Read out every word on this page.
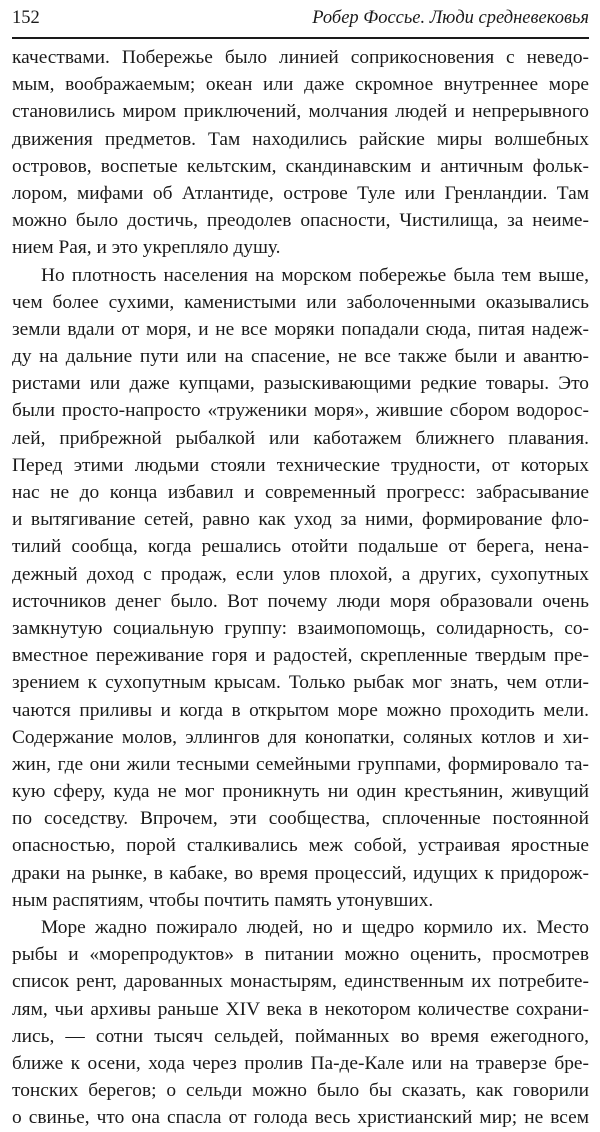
152	Робер Фоссье. Люди средневековья
качествами. Побережье было линией соприкосновения с неведо-
мым, воображаемым; океан или даже скромное внутреннее море
становились миром приключений, молчания людей и непрерывного
движения предметов. Там находились райские миры волшебных
островов, воспетые кельтским, скандинавским и античным фольк-
лором, мифами об Атлантиде, острове Туле или Гренландии. Там
можно было достичь, преодолев опасности, Чистилища, за неиме-
нием Рая, и это укрепляло душу.
Но плотность населения на морском побережье была тем выше,
чем более сухими, каменистыми или заболоченными оказывались
земли вдали от моря, и не все моряки попадали сюда, питая надеж-
ду на дальние пути или на спасение, не все также были и авантю-
ристами или даже купцами, разыскивающими редкие товары. Это
были просто-напросто «труженики моря», жившие сбором водорос-
лей, прибрежной рыбалкой или каботажем ближнего плавания.
Перед этими людьми стояли технические трудности, от которых
нас не до конца избавил и современный прогресс: забрасывание
и вытягивание сетей, равно как уход за ними, формирование фло-
тилий сообща, когда решались отойти подальше от берега, нена-
дежный доход с продаж, если улов плохой, а других, сухопутных
источников денег было. Вот почему люди моря образовали очень
замкнутую социальную группу: взаимопомощь, солидарность, со-
вместное переживание горя и радостей, скрепленные твердым пре-
зрением к сухопутным крысам. Только рыбак мог знать, чем отли-
чаются приливы и когда в открытом море можно проходить мели.
Содержание молов, эллингов для конопатки, соляных котлов и хи-
жин, где они жили тесными семейными группами, формировало та-
кую сферу, куда не мог проникнуть ни один крестьянин, живущий
по соседству. Впрочем, эти сообщества, сплоченные постоянной
опасностью, порой сталкивались меж собой, устраивая яростные
драки на рынке, в кабаке, во время процессий, идущих к придорож-
ным распятиям, чтобы почтить память утонувших.
Море жадно пожирало людей, но и щедро кормило их. Место
рыбы и «морепродуктов» в питании можно оценить, просмотрев
список рент, дарованных монастырям, единственным их потребите-
лям, чьи архивы раньше XIV века в некотором количестве сохрани-
лись, — сотни тысяч сельдей, пойманных во время ежегодного,
ближе к осени, хода через пролив Па-де-Кале или на траверзе бре-
тонских берегов; о сельди можно было бы сказать, как говорили
о свинье, что она спасла от голода весь христианский мир; не всем
